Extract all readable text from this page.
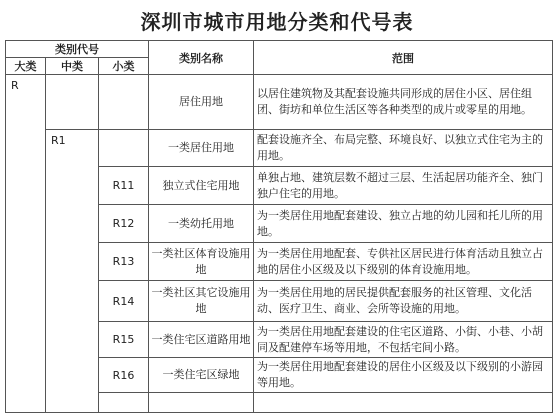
深圳市城市用地分类和代号表
类别代号			类别名称	范围
大类	中类	小类		
R			居住用地	以居住建筑物及其配套设施共同形成的居住小区、居住组团、街坊和单位生活区等各种类型的成片或零星的用地。
	R1		一类居住用地	配套设施齐全、布局完整、环境良好、以独立式住宅为主的用地。
		R11	独立式住宅用地	单独占地、建筑层数不超过三层、生活起居功能齐全、独门独户住宅的用地。
		R12	一类幼托用地	为一类居住用地配套建设、独立占地的幼儿园和托儿所的用地。
		R13	一类社区体育设施用地	为一类居住用地配套、专供社区居民进行体育活动且独立占地的居住小区级及以下级别的体育设施用地。
		R14	一类社区其它设施用地	为一类居住用地的居民提供配套服务的社区管理、文化活动、医疗卫生、商业、会所等设施的用地。
		R15	一类住宅区道路用地	为一类居住用地配套建设的住宅区道路、小街、小巷、小胡同及配建停车场等用地，不包括宅间小路。
		R16	一类住宅区绿地	为一类居住用地配套建设的居住小区级及以下级别的小游园等用地。
